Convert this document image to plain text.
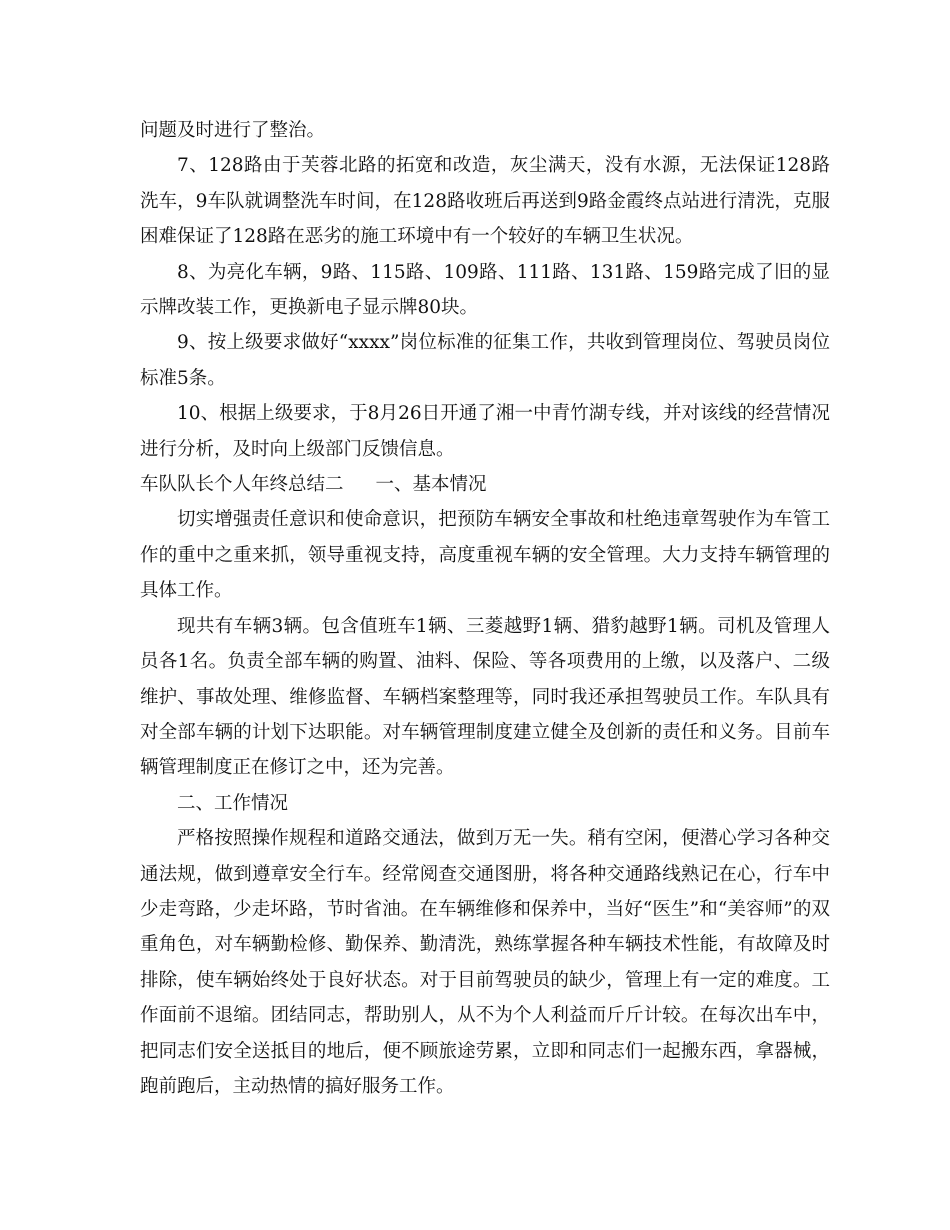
问题及时进行了整治。

7、128路由于芙蓉北路的拓宽和改造，灰尘满天，没有水源，无法保证128路洗车，9车队就调整洗车时间，在128路收班后再送到9路金霞终点站进行清洗，克服困难保证了128路在恶劣的施工环境中有一个较好的车辆卫生状况。

8、为亮化车辆，9路、115路、109路、111路、131路、159路完成了旧的显示牌改装工作，更换新电子显示牌80块。

9、按上级要求做好“xxxx”岗位标准的征集工作，共收到管理岗位、驾驶员岗位标准5条。

10、根据上级要求，于8月26日开通了湘一中青竹湖专线，并对该线的经营情况进行分析，及时向上级部门反馈信息。

车队队长个人年终总结二 一、基本情况

切实增强责任意识和使命意识，把预防车辆安全事故和杜绝违章驾驶作为车管工作的重中之重来抓，领导重视支持，高度重视车辆的安全管理。大力支持车辆管理的具体工作。

现共有车辆3辆。包含值班车1辆、三菱越野1辆、猎豹越野1辆。司机及管理人员各1名。负责全部车辆的购置、油料、保险、等各项费用的上缴，以及落户、二级维护、事故处理、维修监督、车辆档案整理等，同时我还承担驾驶员工作。车队具有对全部车辆的计划下达职能。对车辆管理制度建立健全及创新的责任和义务。目前车辆管理制度正在修订之中，还为完善。

二、工作情况

严格按照操作规程和道路交通法，做到万无一失。稍有空闲，便潜心学习各种交通法规，做到遵章安全行车。经常阅查交通图册，将各种交通路线熟记在心，行车中少走弯路，少走坏路，节时省油。在车辆维修和保养中，当好“医生”和“美容师”的双重角色，对车辆勤检修、勤保养、勤清洗，熟练掌握各种车辆技术性能，有故障及时排除，使车辆始终处于良好状态。对于目前驾驶员的缺少，管理上有一定的难度。工作面前不退缩。团结同志，帮助别人，从不为个人利益而斤斤计较。在每次出车中，把同志们安全送抵目的地后，便不顾旅途劳累，立即和同志们一起搬东西，拿器械，跑前跑后，主动热情的搞好服务工作。
